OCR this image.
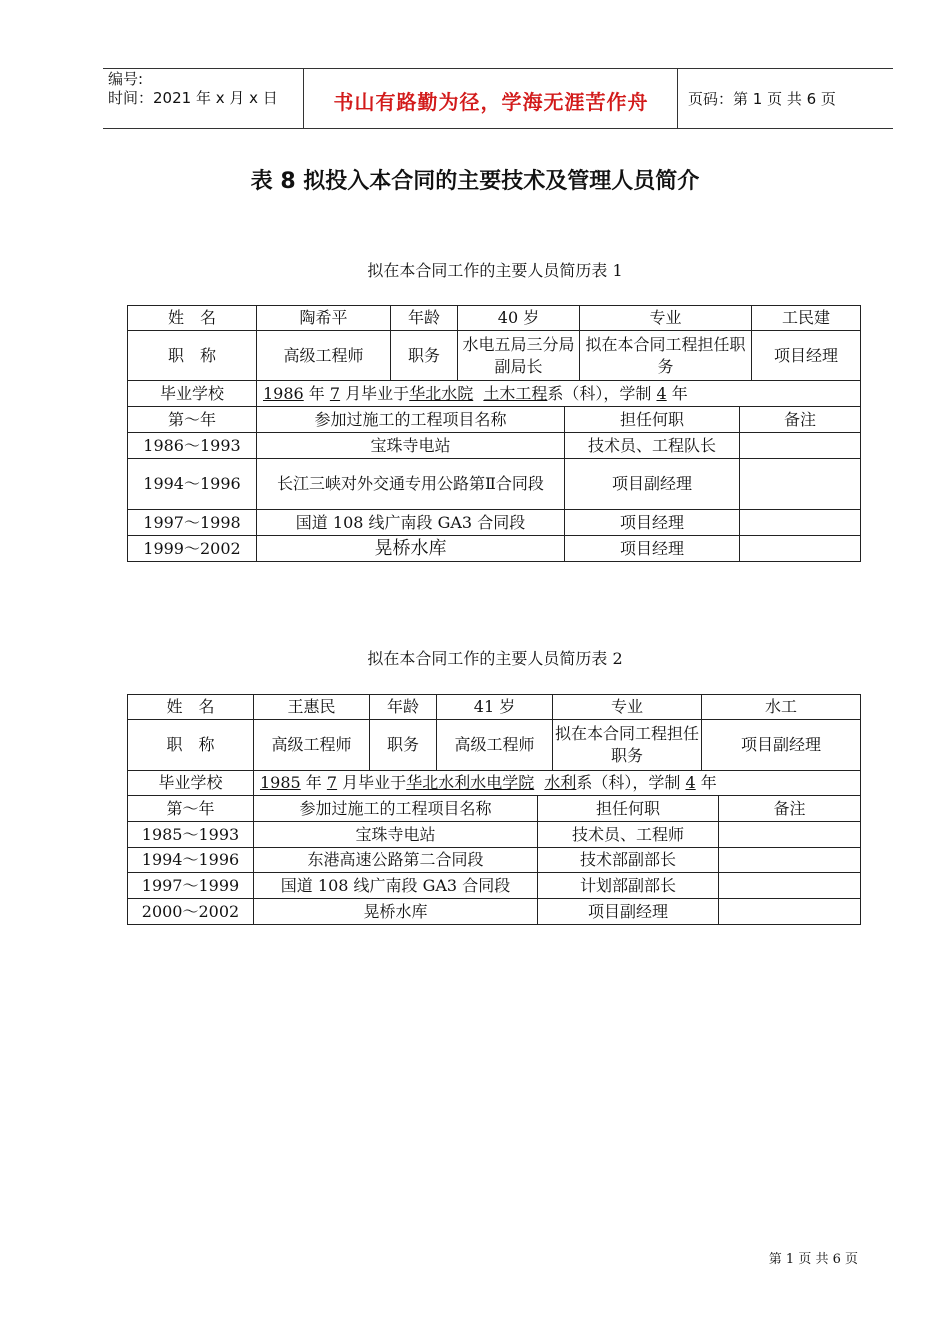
编号:
时间：2021 年 x 月 x 日	书山有路勤为径，学海无涯苦作舟	页码：第 1 页 共 6 页
表 8 拟投入本合同的主要技术及管理人员简介
拟在本合同工作的主要人员简历表 1
姓　名	陶希平	年龄	40 岁	专业	工民建
职　称	高级工程师	职务	水电五局三分局副局长	拟在本合同工程担任职务	项目经理
毕业学校	1986 年 7 月毕业于华北水院 土木工程系（科），学制 4 年				
第～年	参加过施工的工程项目名称	担任何职	备注
1986～1993	宝珠寺电站	技术员、工程队长	
1994～1996	长江三峡对外交通专用公路第Ⅱ合同段	项目副经理	
1997～1998	国道 108 线广南段 GA3 合同段	项目经理	
1999～2002	晃桥水库	项目经理	
拟在本合同工作的主要人员简历表 2
姓　名	王惠民	年龄	41 岁	专业	水工
职　称	高级工程师	职务	高级工程师	拟在本合同工程担任职务	项目副经理
毕业学校	1985 年 7 月毕业于华北水利水电学院 水利系（科），学制 4 年				
第～年	参加过施工的工程项目名称	担任何职	备注
1985～1993	宝珠寺电站	技术员、工程师	
1994～1996	东港高速公路第二合同段	技术部副部长	
1997～1999	国道 108 线广南段 GA3 合同段	计划部副部长	
2000～2002	晃桥水库	项目副经理	
第 1 页 共 6 页
